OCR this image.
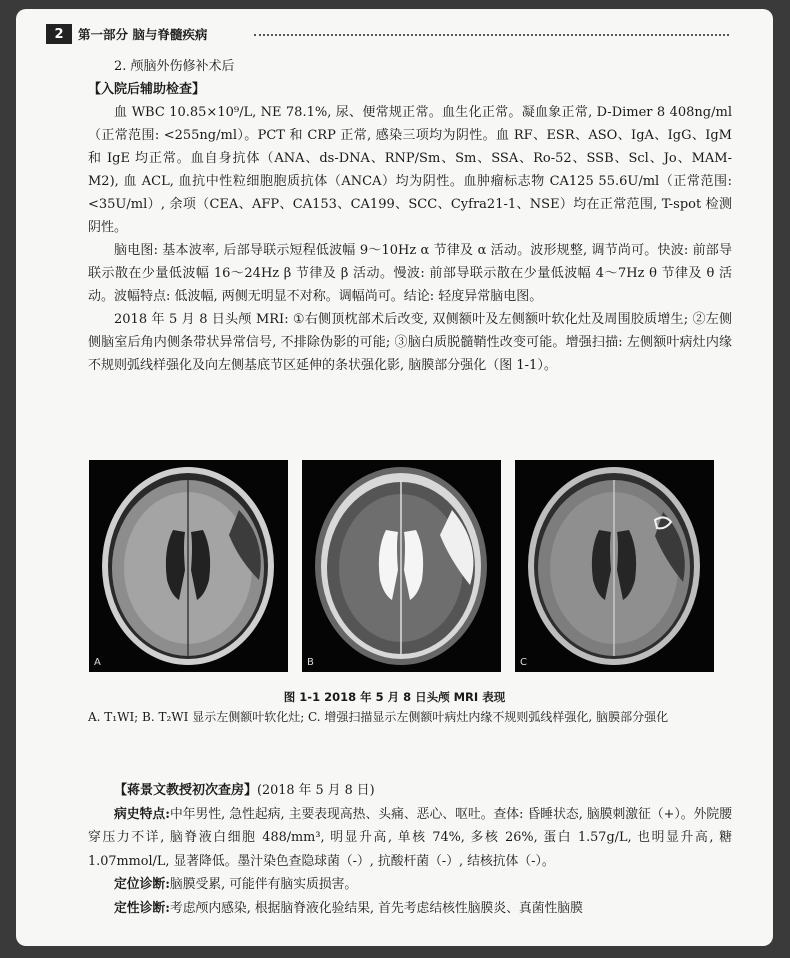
2	第一部分 脑与脊髓疾病

2. 颅脑外伤修补术后

【入院后辅助检查】

血 WBC 10.85×10⁹/L, NE 78.1%, 尿、便常规正常。血生化正常。凝血象正常, D-Dimer 8 408ng/ml（正常范围: <255ng/ml）。PCT 和 CRP 正常, 感染三项均为阴性。血 RF、ESR、ASO、IgA、IgG、IgM 和 IgE 均正常。血自身抗体（ANA、ds-DNA、RNP/Sm、Sm、SSA、Ro-52、SSB、Scl、Jo、MAM-M2), 血 ACL, 血抗中性粒细胞胞质抗体（ANCA）均为阴性。血肿瘤标志物 CA125 55.6U/ml（正常范围: <35U/ml）, 余项（CEA、AFP、CA153、CA199、SCC、Cyfra21-1、NSE）均在正常范围, T-spot 检测阴性。

脑电图: 基本波率, 后部导联示短程低波幅 9～10Hz α 节律及 α 活动。波形规整, 调节尚可。快波: 前部导联示散在少量低波幅 16～24Hz β 节律及 β 活动。慢波: 前部导联示散在少量低波幅 4～7Hz θ 节律及 θ 活动。波幅特点: 低波幅, 两侧无明显不对称。调幅尚可。结论: 轻度异常脑电图。

2018 年 5 月 8 日头颅 MRI: ①右侧顶枕部术后改变, 双侧额叶及左侧额叶软化灶及周围胶质增生; ②左侧侧脑室后角内侧条带状异常信号, 不排除伪影的可能; ③脑白质脱髓鞘性改变可能。增强扫描: 左侧额叶病灶内缘不规则弧线样强化及向左侧基底节区延伸的条状强化影, 脑膜部分强化（图 1-1）。

A	B	C
图 1-1 2018 年 5 月 8 日头颅 MRI 表现
A. T₁WI; B. T₂WI 显示左侧额叶软化灶; C. 增强扫描显示左侧额叶病灶内缘不规则弧线样强化, 脑膜部分强化

【蒋景文教授初次查房】(2018 年 5 月 8 日)

病史特点:中年男性, 急性起病, 主要表现高热、头痛、恶心、呕吐。查体: 昏睡状态, 脑膜刺激征（+）。外院腰穿压力不详, 脑脊液白细胞 488/mm³, 明显升高, 单核 74%, 多核 26%, 蛋白 1.57g/L, 也明显升高, 糖 1.07mmol/L, 显著降低。墨汁染色查隐球菌（-）, 抗酸杆菌（-）, 结核抗体（-）。

定位诊断:脑膜受累, 可能伴有脑实质损害。

定性诊断:考虑颅内感染, 根据脑脊液化验结果, 首先考虑结核性脑膜炎、真菌性脑膜
